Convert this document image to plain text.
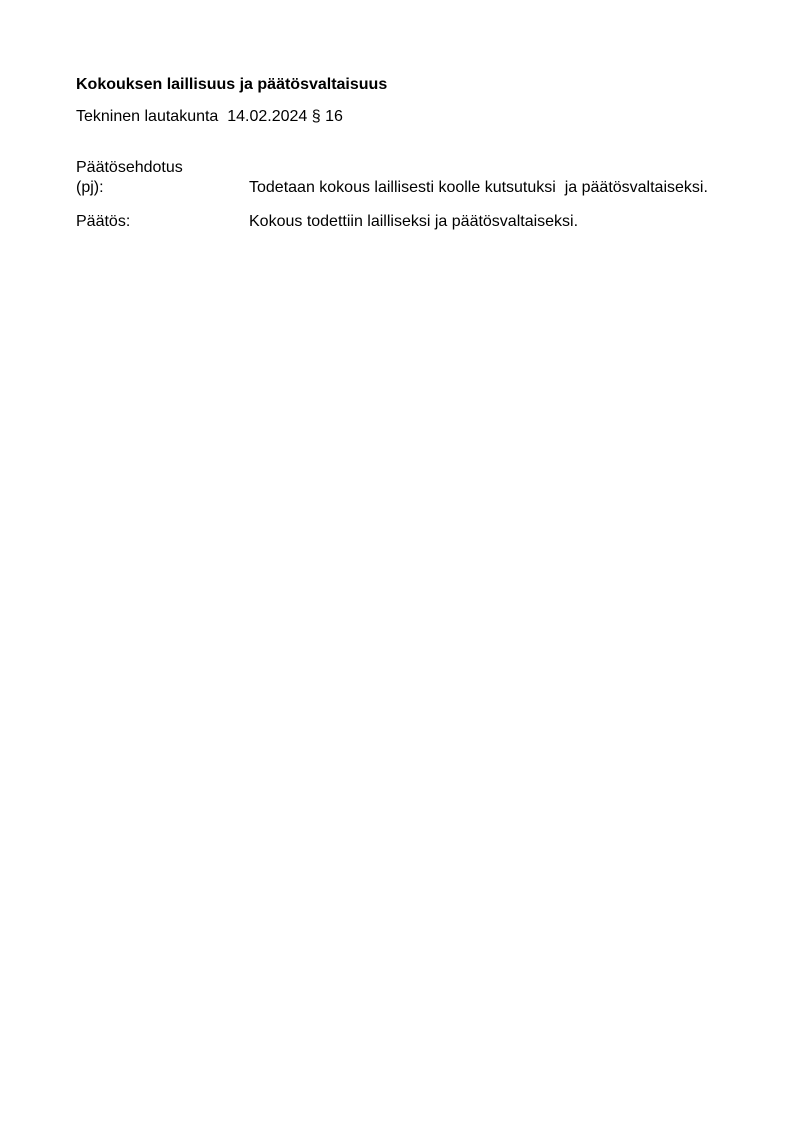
Kokouksen laillisuus ja päätösvaltaisuus
Tekninen lautakunta  14.02.2024 § 16
Päätösehdotus
(pj):	Todetaan kokous laillisesti koolle kutsutuksi  ja päätösvaltaiseksi.
Päätös:	Kokous todettiin lailliseksi ja päätösvaltaiseksi.
